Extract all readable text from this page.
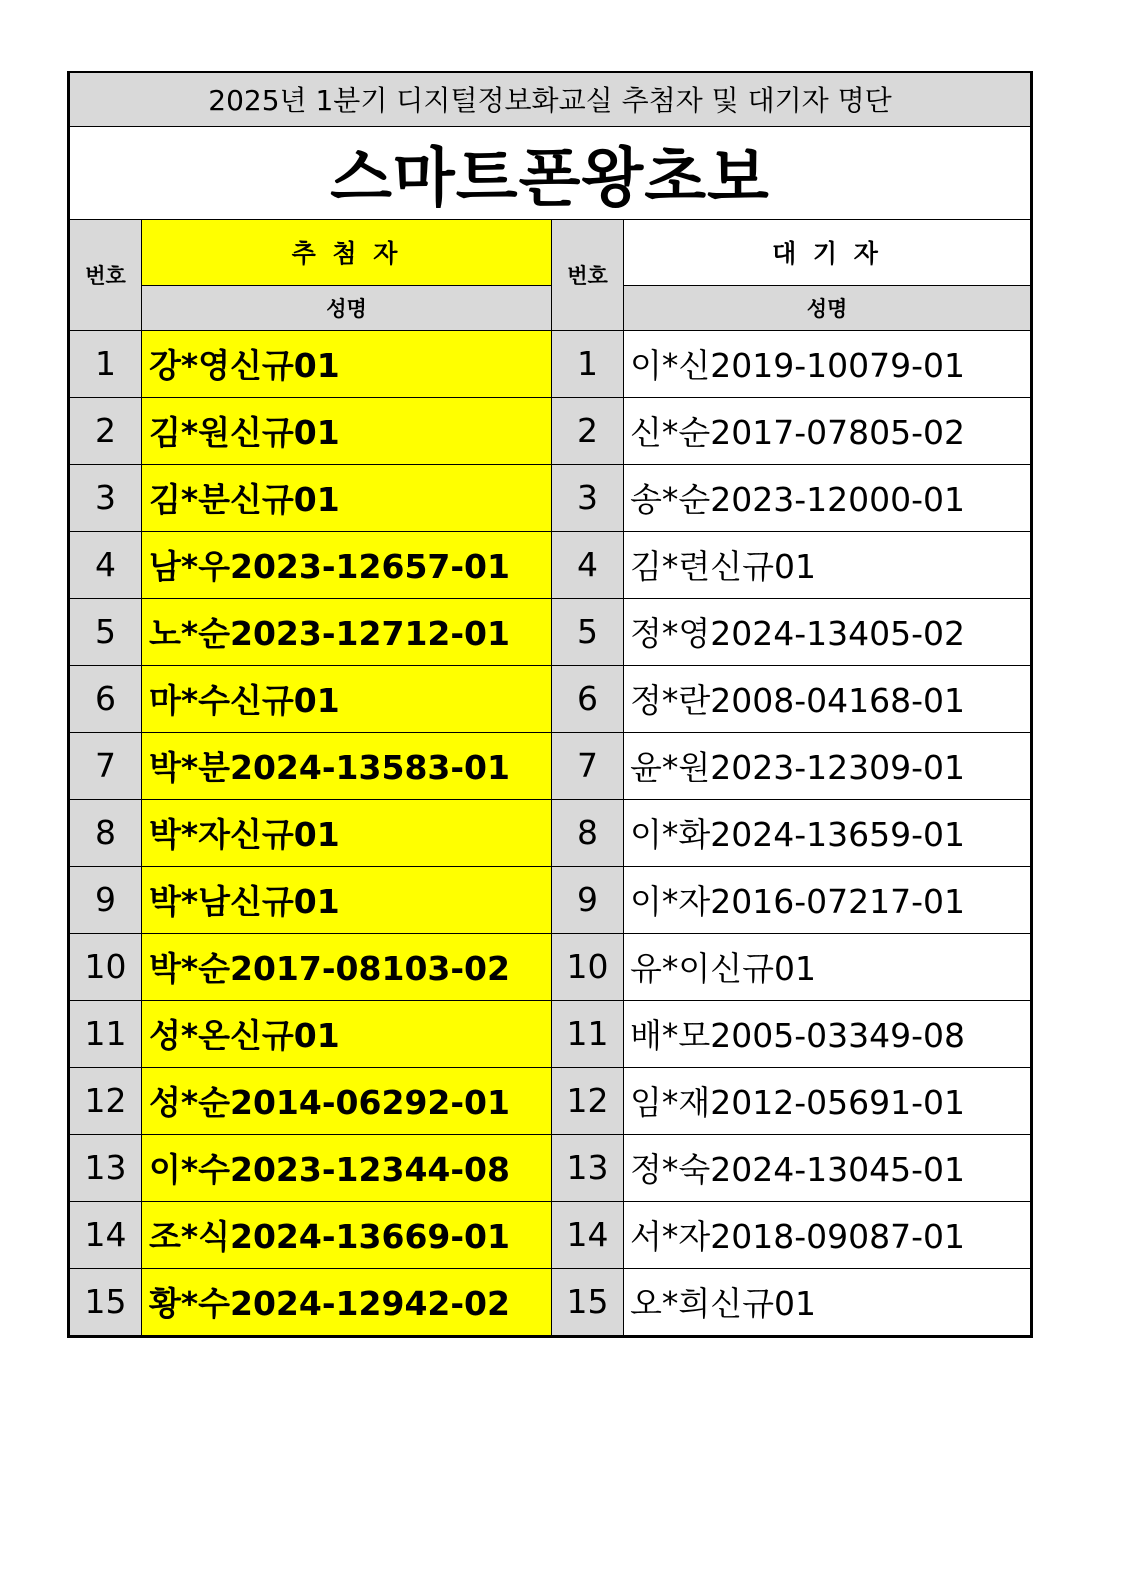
2025년 1분기 디지털정보화교실 추첨자 및 대기자 명단			
스마트폰왕초보			
번호	추 첨 자	번호	대 기 자
	성명		성명
1	강*영신규01	1	이*신2019-10079-01
2	김*원신규01	2	신*순2017-07805-02
3	김*분신규01	3	송*순2023-12000-01
4	남*우2023-12657-01	4	김*련신규01
5	노*순2023-12712-01	5	정*영2024-13405-02
6	마*수신규01	6	정*란2008-04168-01
7	박*분2024-13583-01	7	윤*원2023-12309-01
8	박*자신규01	8	이*화2024-13659-01
9	박*남신규01	9	이*자2016-07217-01
10	박*순2017-08103-02	10	유*이신규01
11	성*온신규01	11	배*모2005-03349-08
12	성*순2014-06292-01	12	임*재2012-05691-01
13	이*수2023-12344-08	13	정*숙2024-13045-01
14	조*식2024-13669-01	14	서*자2018-09087-01
15	황*수2024-12942-02	15	오*희신규01
